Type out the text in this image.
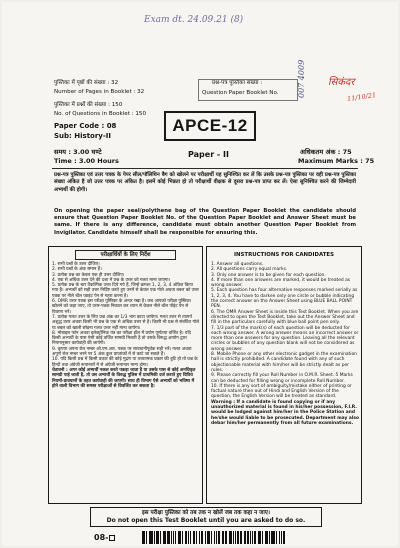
Exam dt. 24.09.21 (8)
सिकंदर
11/10/21
007 4009
पुस्तिका में पृष्ठों की संख्या : 32
Number of Pages in Booklet : 32
पुस्तिका में प्रश्नों की संख्या : 150
No. of Questions in Booklet : 150
Paper Code : 08
Sub: History-II
प्रश्न-पत्र पुस्तिका संख्या :
Question Paper Booklet No.
APCE-12
समय : 3.00 घण्टे
Time : 3.00 Hours
Paper - II	अधिकतम अंक : 75
Maximum Marks : 75
प्रश्न-पत्र पुस्तिका एवं उत्तर पत्रक के पेपर सील/पॉलिथिन बैग को खोलने पर परीक्षार्थी यह सुनिश्चित कर लें कि उसके प्रश्न-पत्र पुस्तिका पर वही प्रश्न-पत्र पुस्तिका संख्या अंकित है जो उत्तर पत्रक पर अंकित है। इसमें कोई भिन्नता हो तो परीक्षार्थी वीक्षक से दूसरा प्रश्न-पत्र प्राप्त कर लें। ऐसा सुनिश्चित करने की जिम्मेदारी अभ्यर्थी की होगी।
On opening the paper seal/polythene bag of the Question Paper Booklet the candidate should ensure that Question Paper Booklet No. of the Question Paper Booklet and Answer Sheet must be same. If there is any difference, candidate must obtain another Question Paper Booklet from Invigilator. Candidate himself shall be responsible for ensuring this.
परीक्षार्थियों के लिए निर्देश
1. सभी प्रश्नों के उत्तर दीजिए।
2. सभी प्रश्नों के अंक समान हैं।
3. प्रत्येक प्रश्न का केवल एक ही उत्तर दीजिए।
4. एक से अधिक उत्तर देने की दशा में प्रश्न के उत्तर को गलत माना जाएगा।
5. प्रत्येक प्रश्न के चार वैकल्पिक उत्तर दिये गये हैं, जिन्हें क्रमशः 1, 2, 3, 4 अंकित किया गया है। अभ्यर्थी को सही उत्तर निर्दिष्ट करते हुए उनमें से केवल एक गोले अथवा बबल को उत्तर पत्रक पर नीले बॉल प्वाइंट पेन से गहरा करना है।
6. OMR उत्तर पत्रक इस परीक्षा पुस्तिका के अन्दर रखा है। जब आपको परीक्षा पुस्तिका खोलने को कहा जाए, तो उत्तर-पत्रक निकाल कर ध्यान से केवल नीले बॉल पॉइंट पेन से विवरण भरें।
7. प्रत्येक गलत उत्तर के लिए प्रश्न अंक का 1/3 भाग काटा जायेगा। गलत उत्तर से तात्पर्य अशुद्ध उत्तर अथवा किसी भी प्रश्न के एक से अधिक उत्तर से है। किसी भी प्रश्न से संबंधित गोले या बबल को खाली छोड़ना गलत उत्तर नहीं माना जायेगा।
8. मोबाइल फोन अथवा इलेक्ट्रॉनिक यंत्र का परीक्षा हॉल में प्रयोग पूर्णतया वर्जित है। यदि किसी अभ्यर्थी के पास ऐसी कोई वर्जित सामग्री मिलती है तो उसके विरुद्ध आयोग द्वारा नियमानुसार कार्यवाही की जायेगी।
9. कृपया अपना रोल नम्बर ओ.एम.आर. पत्रक पर सावधानीपूर्वक सही भरें। गलत अथवा अपूर्ण रोल नम्बर भरने पर 5 अंक कुल प्राप्तांकों में से काटे जा सकते हैं।
10. यदि किसी प्रश्न में किसी प्रकार की कोई मुद्रण या तथ्यात्मक प्रकार की त्रुटि हो तो प्रश्न के हिन्दी तथा अंग्रेजी रूपान्तरों में से अंग्रेजी रूपान्तर मान्य होगा।
चेतावनी : अगर कोई अभ्यर्थी नकल करते पकड़ा जाता है या उसके पास से कोई अनधिकृत सामग्री पाई जाती है, तो उस अभ्यर्थी के विरुद्ध पुलिस में प्राथमिकी दर्ज कराते हुए विविध नियमों-प्रावधानों के तहत कार्यवाही की जाएगी। साथ ही विभाग ऐसे अभ्यर्थी को भविष्य में होने वाली विभाग की समस्त परीक्षाओं से विवर्जित कर सकता है।
INSTRUCTIONS FOR CANDIDATES
1. Answer all questions.
2. All questions carry equal marks.
3. Only one answer is to be given for each question.
4. If more than one answers are marked, it would be treated as wrong answer.
5. Each question has four alternative responses marked serially as 1, 2, 3, 4. You have to darken only one circle or bubble indicating the correct answer on the Answer Sheet using BLUE BALL POINT PEN.
6. The OMR Answer Sheet is inside this Test Booklet. When you are directed to open the Test Booklet, take out the Answer Sheet and fill in the particulars carefully with blue ball point pen only.
7. 1/3 part of the mark(s) of each question will be deducted for each wrong answer. A wrong answer means an incorrect answer or more than one answers for any question. Leaving all the relevant circles or bubbles of any question blank will not be considered as wrong answer.
8. Mobile Phone or any other electronic gadget in the examination hall is strictly prohibited. A candidate found with any of such objectionable material with him/her will be strictly dealt as per rules.
9. Please correctly fill your Roll Number in O.M.R. Sheet. 5 Marks can be deducted for filling wrong or incomplete Roll Number.
10. If there is any sort of ambiguity/mistake either of printing or factual nature then out of Hindi and English Version of the question, the English Version will be treated as standard.
Warning : If a candidate is found copying or if any unauthorized material is found in his/her possession, F.I.R. would be lodged against him/her in the Police Station and he/she would liable to be prosecuted. Department may also debar him/her permanently from all future examinations.
इस परीक्षा पुस्तिका को तब तक न खोलें जब तक कहा न जाए।
Do not open this Test Booklet until you are asked to do so.
08-
